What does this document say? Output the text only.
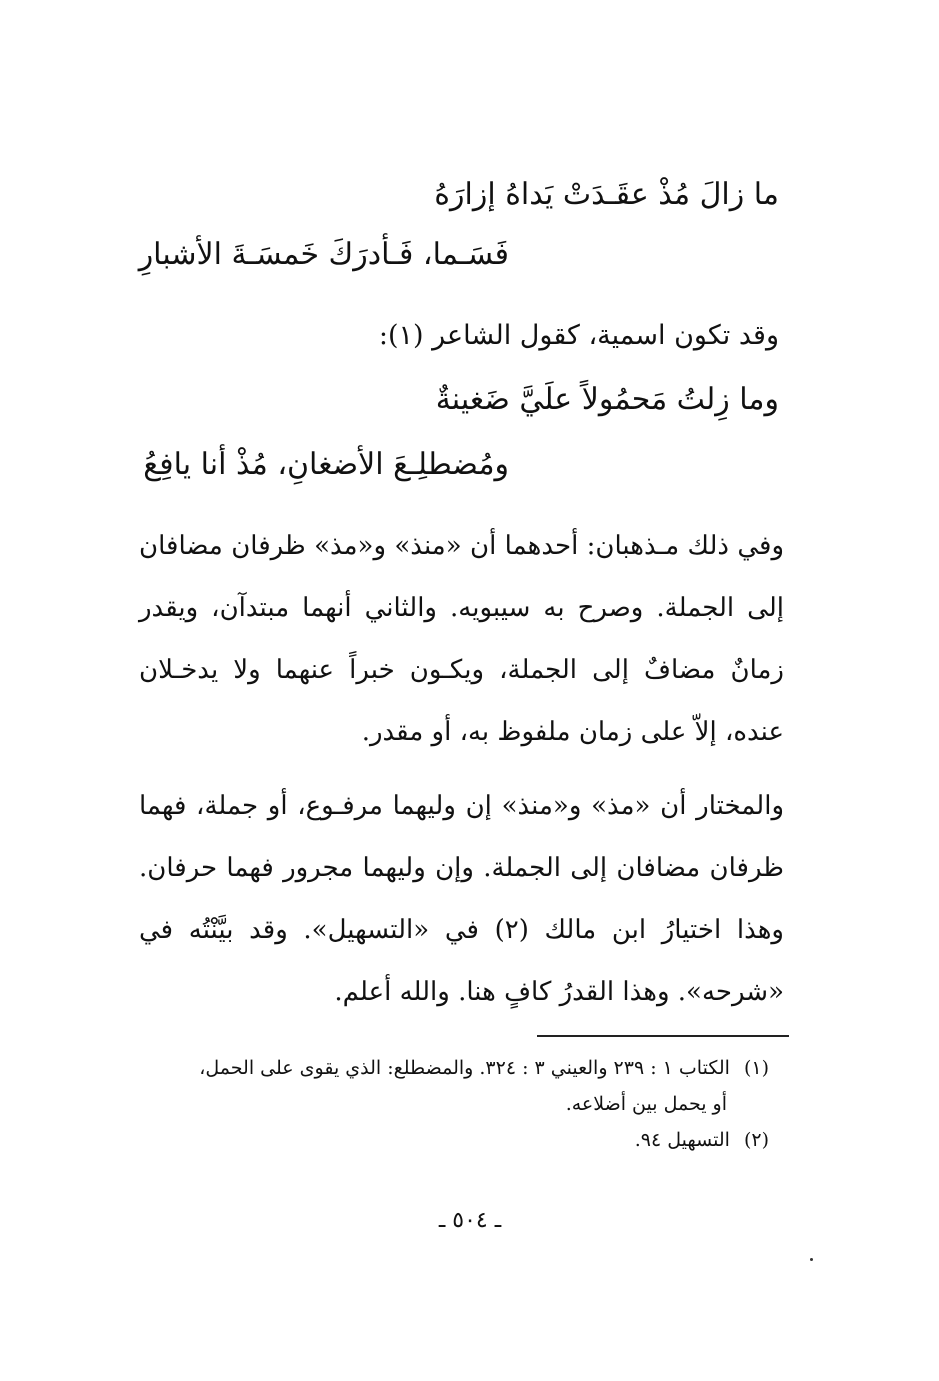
ما زالَ مُذْ عقَـدَتْ يَداهُ إزارَهُ
فَسَـما، فَـأدرَكَ خَمسَـةَ الأشبارِ
وقد تكون اسمية، كقول الشاعر (١):
وما زِلتُ مَحمُولاً علَيَّ ضَغينةٌ
ومُضطلِـعَ الأضغانِ، مُذْ أنا يافِعُ
وفي ذلك مـذهبان: أحدهما أن «منذ» و«مذ» ظرفان مضافان إلى الجملة. وصرح به سيبويه. والثاني أنهما مبتدآن، ويقدر زمانٌ مضافٌ إلى الجملة، ويكـون خبراً عنهما ولا يدخـلان عنده، إلاّ على زمان ملفوظ به، أو مقدر.
والمختار أن «مذ» و«منذ» إن وليهما مرفـوع، أو جملة، فهما ظرفان مضافان إلى الجملة. وإن وليهما مجرور فهما حرفان. وهذا اختيارُ ابن مالك (٢) في «التسهيل». وقد بيَّنْتُه في «شرحه». وهذا القدرُ كافٍ هنا. والله أعلم.
(١) الكتاب ١ : ٢٣٩ والعيني ٣ : ٣٢٤. والمضطلع: الذي يقوى على الحمل،
أو يحمل بين أضلاعه.
(٢) التسهيل ٩٤.
ـ ٥٠٤ ـ
